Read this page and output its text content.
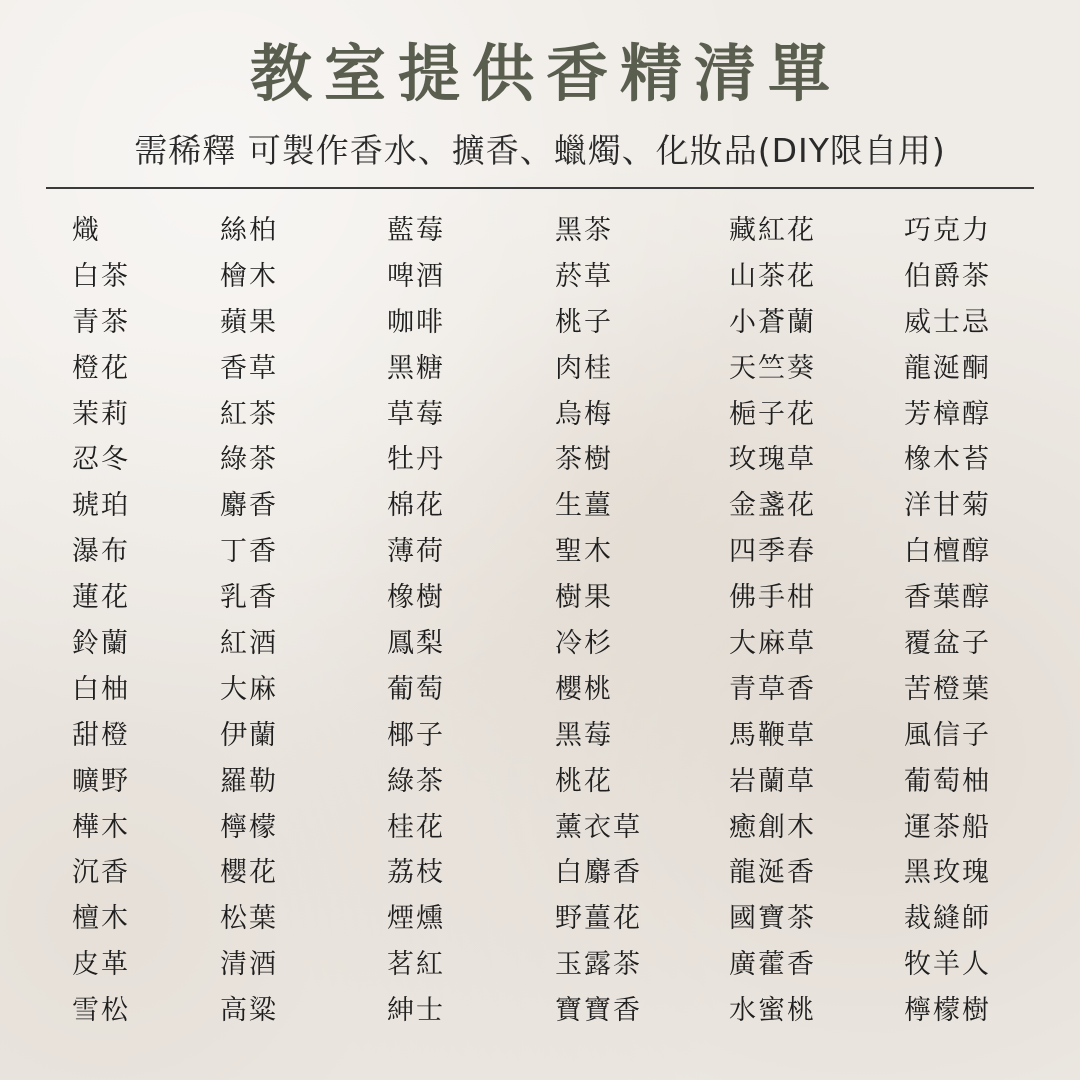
教室提供香精清單
需稀釋 可製作香水、擴香、蠟燭、化妝品(DIY限自用)
熾
白茶
青茶
橙花
茉莉
忍冬
琥珀
瀑布
蓮花
鈴蘭
白柚
甜橙
曠野
樺木
沉香
檀木
皮革
雪松
絲柏
檜木
蘋果
香草
紅茶
綠茶
麝香
丁香
乳香
紅酒
大麻
伊蘭
羅勒
檸檬
櫻花
松葉
清酒
高粱
藍莓
啤酒
咖啡
黑糖
草莓
牡丹
棉花
薄荷
橡樹
鳳梨
葡萄
椰子
綠茶
桂花
荔枝
煙燻
茗紅
紳士
黑茶
菸草
桃子
肉桂
烏梅
茶樹
生薑
聖木
樹果
冷杉
櫻桃
黑莓
桃花
薰衣草
白麝香
野薑花
玉露茶
寶寶香
藏紅花
山茶花
小蒼蘭
天竺葵
梔子花
玫瑰草
金盞花
四季春
佛手柑
大麻草
青草香
馬鞭草
岩蘭草
癒創木
龍涎香
國寶茶
廣藿香
水蜜桃
巧克力
伯爵茶
威士忌
龍涎酮
芳樟醇
橡木苔
洋甘菊
白檀醇
香葉醇
覆盆子
苦橙葉
風信子
葡萄柚
運茶船
黑玫瑰
裁縫師
牧羊人
檸檬樹
